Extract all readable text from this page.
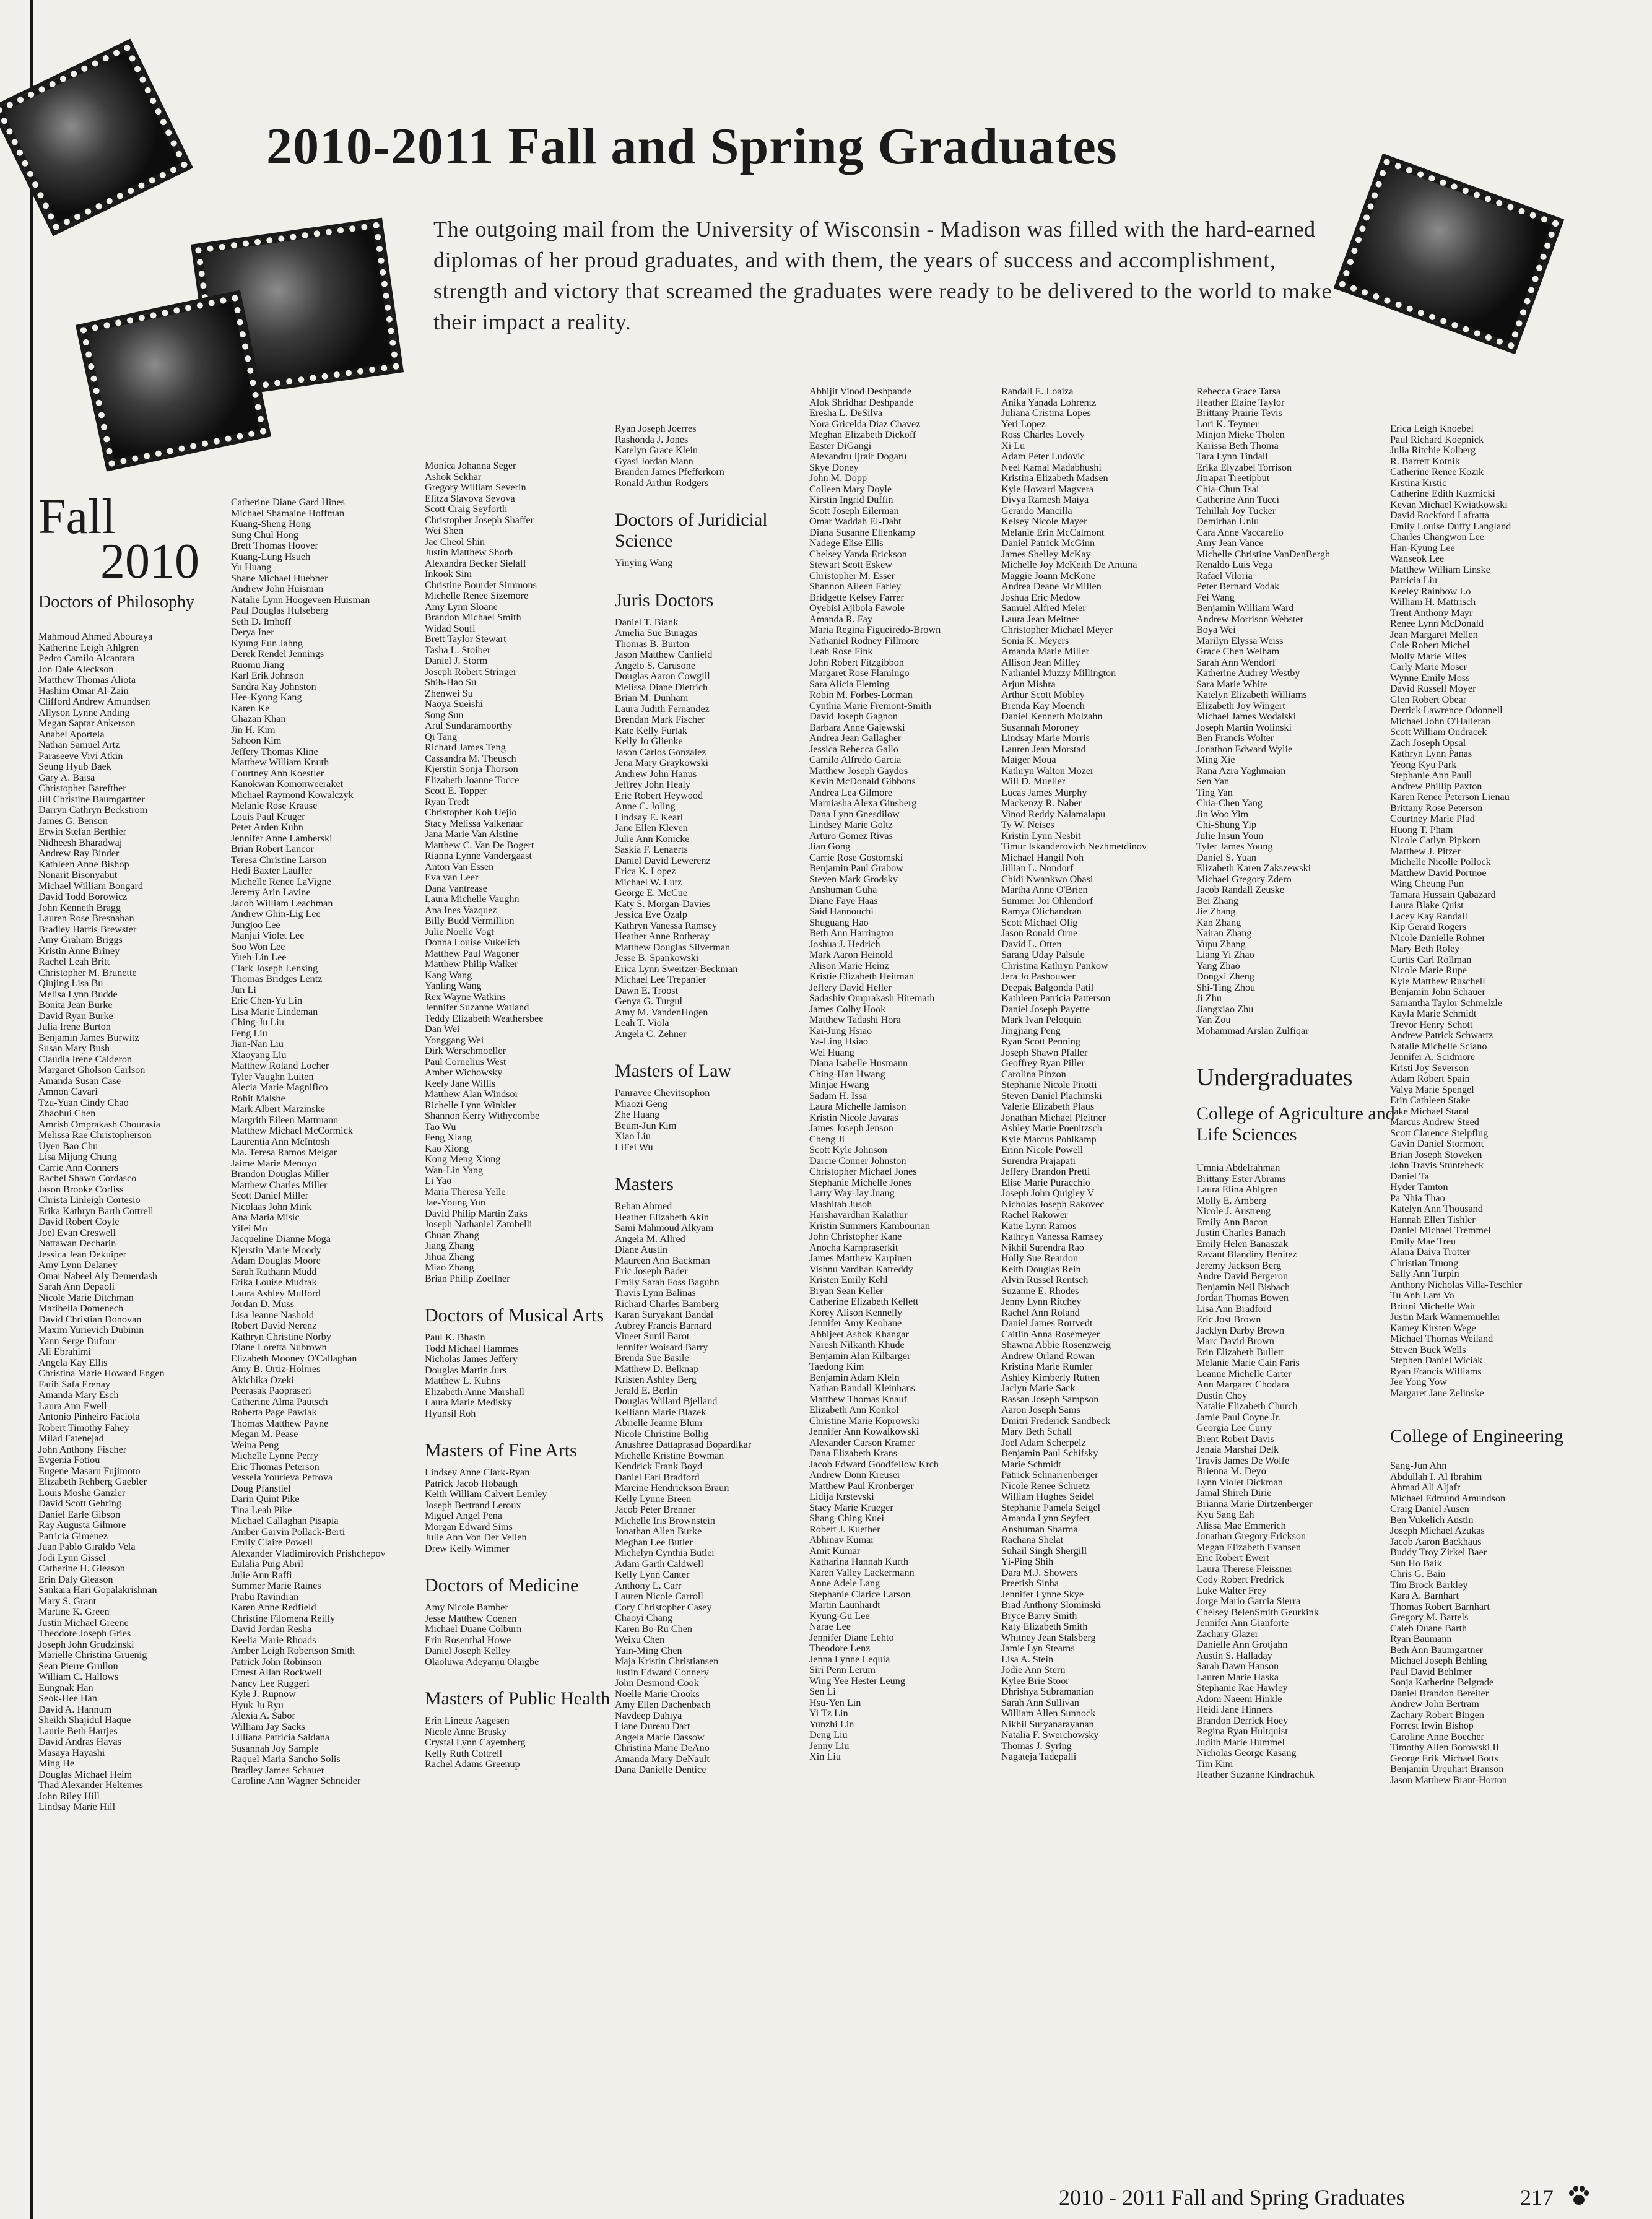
2010-2011 Fall and Spring Graduates
The outgoing mail from the University of Wisconsin - Madison was filled with the hard-earned diplomas of her proud graduates, and with them, the years of success and accomplishment, strength and victory that screamed the graduates were ready to be delivered to the world to make their impact a reality.
Fall
2010
Doctors of Philosophy
Mahmoud Ahmed Abouraya
Katherine Leigh Ahlgren
Pedro Camilo Alcantara
Jon Dale Aleckson
Matthew Thomas Aliota
Hashim Omar Al-Zain
Clifford Andrew Amundsen
Allyson Lynne Anding
Megan Saptar Ankerson
Anabel Aportela
Nathan Samuel Artz
Paraseeve Vivi Atkin
Seung Hyub Baek
Gary A. Baisa
Christopher Barefther
Jill Christine Baumgartner
Darryn Cathryn Beckstrom
James G. Benson
Erwin Stefan Berthier
Nidheesh Bharadwaj
Andrew Ray Binder
Kathleen Anne Bishop
Nonarit Bisonyabut
Michael William Bongard
David Todd Borowicz
John Kenneth Bragg
Lauren Rose Bresnahan
Bradley Harris Brewster
Amy Graham Briggs
Kristin Anne Briney
Rachel Leah Britt
Christopher M. Brunette
Qiujing Lisa Bu
Melisa Lynn Budde
Bonita Jean Burke
David Ryan Burke
Julia Irene Burton
Benjamin James Burwitz
Susan Mary Bush
Claudia Irene Calderon
Margaret Gholson Carlson
Amanda Susan Case
Amnon Cavari
Tzu-Yuan Cindy Chao
Zhaohui Chen
Amrish Omprakash Chourasia
Melissa Rae Christopherson
Uyen Bao Chu
Lisa Mijung Chung
Carrie Ann Conners
Rachel Shawn Cordasco
Jason Brooke Corliss
Christa Linleigh Cortesio
Erika Kathryn Barth Cottrell
David Robert Coyle
Joel Evan Creswell
Nattawan Decharin
Jessica Jean Dekuiper
Amy Lynn Delaney
Omar Nabeel Aly Demerdash
Sarah Ann Depaoli
Nicole Marie Ditchman
Maribella Domenech
David Christian Donovan
Maxim Yurievich Dubinin
Yann Serge Dufour
Ali Ebrahimi
Angela Kay Ellis
Christina Marie Howard Engen
Fatih Safa Erenay
Amanda Mary Esch
Laura Ann Ewell
Antonio Pinheiro Faciola
Robert Timothy Fahey
Milad Fatenejad
John Anthony Fischer
Evgenia Fotiou
Eugene Masaru Fujimoto
Elizabeth Rehberg Gaebler
Louis Moshe Ganzler
David Scott Gehring
Daniel Earle Gibson
Ray Augusta Gilmore
Patricia Gimenez
Juan Pablo Giraldo Vela
Jodi Lynn Gissel
Catherine H. Gleason
Erin Daly Gleason
Sankara Hari Gopalakrishnan
Mary S. Grant
Martine K. Green
Justin Michael Greene
Theodore Joseph Gries
Joseph John Grudzinski
Marielle Christina Gruenig
Sean Pierre Grullon
William C. Hallows
Eungnak Han
Seok-Hee Han
David A. Hannum
Sheikh Shajidul Haque
Laurie Beth Hartjes
David Andras Havas
Masaya Hayashi
Ming He
Douglas Michael Heim
Thad Alexander Heltemes
John Riley Hill
Lindsay Marie Hill
Catherine Diane Gard Hines
Michael Shamaine Hoffman
Kuang-Sheng Hong
Sung Chul Hong
Brett Thomas Hoover
Kuang-Lung Hsueh
Yu Huang
Shane Michael Huebner
Andrew John Huisman
Natalie Lynn Hoogeveen Huisman
Paul Douglas Hulseberg
Seth D. Imhoff
Derya Iner
Kyung Eun Jahng
Derek Rendel Jennings
Ruomu Jiang
Karl Erik Johnson
Sandra Kay Johnston
Hee-Kyong Kang
Karen Ke
Ghazan Khan
Jin H. Kim
Sahoon Kim
Jeffery Thomas Kline
Matthew William Knuth
Courtney Ann Koestler
Kanokwan Komonweeraket
Michael Raymond Kowalczyk
Melanie Rose Krause
Louis Paul Kruger
Peter Arden Kuhn
Jennifer Anne Lamberski
Brian Robert Lancor
Teresa Christine Larson
Hedi Baxter Lauffer
Michelle Renee LaVigne
Jeremy Arin Lavine
Jacob William Leachman
Andrew Ghin-Lig Lee
Jungjoo Lee
Manjui Violet Lee
Soo Won Lee
Yueh-Lin Lee
Clark Joseph Lensing
Thomas Bridges Lentz
Jun Li
Eric Chen-Yu Lin
Lisa Marie Lindeman
Ching-Ju Liu
Feng Liu
Jian-Nan Liu
Xiaoyang Liu
Matthew Roland Locher
Tyler Vaughn Luiten
Alecia Marie Magnifico
Rohit Malshe
Mark Albert Marzinske
Margrith Eileen Mattmann
Matthew Michael McCormick
Laurentia Ann McIntosh
Ma. Teresa Ramos Melgar
Jaime Marie Menoyo
Brandon Douglas Miller
Matthew Charles Miller
Scott Daniel Miller
Nicolaas John Mink
Ana Maria Misic
Yifei Mo
Jacqueline Dianne Moga
Kjerstin Marie Moody
Adam Douglas Moore
Sarah Ruthann Mudd
Erika Louise Mudrak
Laura Ashley Mulford
Jordan D. Muss
Lisa Jeanne Nashold
Robert David Nerenz
Kathryn Christine Norby
Diane Loretta Nubrown
Elizabeth Mooney O'Callaghan
Amy B. Ortiz-Holmes
Akichika Ozeki
Peerasak Paopraserí
Catherine Alma Pautsch
Roberta Page Pawlak
Thomas Matthew Payne
Megan M. Pease
Weina Peng
Michelle Lynne Perry
Eric Thomas Peterson
Vessela Yourieva Petrova
Doug Pfanstiel
Darin Quint Pike
Tina Leah Pike
Michael Callaghan Pisapia
Amber Garvin Pollack-Berti
Emily Claire Powell
Alexander Vladimirovich Prishchepov
Eulalia Puig Abril
Julie Ann Raffi
Summer Marie Raines
Prabu Ravindran
Karen Anne Redfield
Christine Filomena Reilly
David Jordan Resha
Keelia Marie Rhoads
Amber Leigh Robertson Smith
Patrick John Robinson
Ernest Allan Rockwell
Nancy Lee Ruggeri
Kyle J. Rupnow
Hyuk Ju Ryu
Alexia A. Sabor
William Jay Sacks
Lilliana Patricia Saldana
Susannah Joy Sample
Raquel Maria Sancho Solis
Bradley James Schauer
Caroline Ann Wagner Schneider
Monica Johanna Seger
Ashok Sekhar
Gregory William Severin
Elitza Slavova Sevova
Scott Craig Seyforth
Christopher Joseph Shaffer
Wei Shen
Jae Cheol Shin
Justin Matthew Shorb
Alexandra Becker Sielaff
Inkook Sim
Christine Bourdet Simmons
Michelle Renee Sizemore
Amy Lynn Sloane
Brandon Michael Smith
Widad Soufi
Brett Taylor Stewart
Tasha L. Stoiber
Daniel J. Storm
Joseph Robert Stringer
Shih-Hao Su
Zhenwei Su
Naoya Sueishi
Song Sun
Arul Sundaramoorthy
Qi Tang
Richard James Teng
Cassandra M. Theusch
Kjerstin Sonja Thorson
Elizabeth Joanne Tocce
Scott E. Topper
Ryan Tredt
Christopher Koh Uejio
Stacy Melissa Valkenaar
Jana Marie Van Alstine
Matthew C. Van De Bogert
Rianna Lynne Vandergaast
Anton Van Essen
Eva van Leer
Dana Vantrease
Laura Michelle Vaughn
Ana Ines Vazquez
Billy Budd Vermillion
Julie Noelle Vogt
Donna Louise Vukelich
Matthew Paul Wagoner
Matthew Philip Walker
Kang Wang
Yanling Wang
Rex Wayne Watkins
Jennifer Suzanne Watland
Teddy Elizabeth Weathersbee
Dan Wei
Yonggang Wei
Dirk Werschmoeller
Paul Cornelius West
Amber Wichowsky
Keely Jane Willis
Matthew Alan Windsor
Richelle Lynn Winkler
Shannon Kerry Withycombe
Tao Wu
Feng Xiang
Kao Xiong
Kong Meng Xiong
Wan-Lin Yang
Li Yao
Maria Theresa Yelle
Jae-Young Yun
David Philip Martin Zaks
Joseph Nathaniel Zambelli
Chuan Zhang
Jiang Zhang
Jihua Zhang
Miao Zhang
Brian Philip Zoellner
Doctors of Musical Arts
Paul K. Bhasin
Todd Michael Hammes
Nicholas James Jeffery
Douglas Martin Jurs
Matthew L. Kuhns
Elizabeth Anne Marshall
Laura Marie Medisky
Hyunsil Roh
Masters of Fine Arts
Lindsey Anne Clark-Ryan
Patrick Jacob Hobaugh
Keith William Calvert Lemley
Joseph Bertrand Leroux
Miguel Angel Pena
Morgan Edward Sims
Julie Ann Von Der Vellen
Drew Kelly Wimmer
Doctors of Medicine
Amy Nicole Bamber
Jesse Matthew Coenen
Michael Duane Colburn
Erin Rosenthal Howe
Daniel Joseph Kelley
Olaoluwa Adeyanju Olaigbe
Masters of Public Health
Erin Linette Aagesen
Nicole Anne Brusky
Crystal Lynn Cayemberg
Kelly Ruth Cottrell
Rachel Adams Greenup
Ryan Joseph Joerres
Rashonda J. Jones
Katelyn Grace Klein
Gyasi Jordan Mann
Branden James Pfefferkorn
Ronald Arthur Rodgers
Doctors of Juridicial Science
Yinying Wang
Juris Doctors
Daniel T. Biank
Amelia Sue Buragas
Thomas B. Burton
Jason Matthew Canfield
Angelo S. Carusone
Douglas Aaron Cowgill
Melissa Diane Dietrich
Brian M. Dunham
Laura Judith Fernandez
Brendan Mark Fischer
Kate Kelly Furtak
Kelly Jo Glienke
Jason Carlos Gonzalez
Jena Mary Graykowski
Andrew John Hanus
Jeffrey John Healy
Eric Robert Heywood
Anne C. Joling
Lindsay E. Kearl
Jane Ellen Kleven
Julie Ann Konicke
Saskia F. Lenaerts
Daniel David Lewerenz
Erica K. Lopez
Michael W. Lutz
George E. McCue
Katy S. Morgan-Davies
Jessica Eve Ozalp
Kathryn Vanessa Ramsey
Heather Anne Rotheray
Matthew Douglas Silverman
Jesse B. Spankowski
Erica Lynn Sweitzer-Beckman
Michael Lee Trepanier
Dawn E. Troost
Genya G. Turgul
Amy M. VandenHogen
Leah T. Viola
Angela C. Zehner
Masters of Law
Panravee Chevitsophon
Miaozi Geng
Zhe Huang
Beum-Jun Kim
Xiao Liu
LiFei Wu
Masters
Rehan Ahmed
Heather Elizabeth Akin
Sami Mahmoud Alkyam
Angela M. Allred
Diane Austin
Maureen Ann Backman
Eric Joseph Bader
Emily Sarah Foss Baguhn
Travis Lynn Balinas
Richard Charles Bamberg
Karan Suryakant Bandal
Aubrey Francis Barnard
Vineet Sunil Barot
Jennifer Woisard Barry
Brenda Sue Basile
Matthew D. Belknap
Kristen Ashley Berg
Jerald E. Berlin
Douglas Willard Bjelland
Kelliann Marie Blazek
Abrielle Jeanne Blum
Nicole Christine Bollig
Anushree Dattaprasad Bopardikar
Michelle Kristine Bowman
Kendrick Frank Boyd
Daniel Earl Bradford
Marcine Hendrickson Braun
Kelly Lynne Breen
Jacob Peter Brenner
Michelle Iris Brownstein
Jonathan Allen Burke
Meghan Lee Butler
Michelyn Cynthia Butler
Adam Garth Caldwell
Kelly Lynn Canter
Anthony L. Carr
Lauren Nicole Carroll
Cory Christopher Casey
Chaoyi Chang
Karen Bo-Ru Chen
Weixu Chen
Yain-Ming Chen
Maja Kristin Christiansen
Justin Edward Connery
John Desmond Cook
Noelle Marie Crooks
Amy Ellen Dachenbach
Navdeep Dahiya
Liane Dureau Dart
Angela Marie Dassow
Christina Marie DeAno
Amanda Mary DeNault
Dana Danielle Dentice
Abhijit Vinod Deshpande
Alok Shridhar Deshpande
Eresha L. DeSilva
Nora Gricelda Diaz Chavez
Meghan Elizabeth Dickoff
Easter DiGangi
Alexandru Ijrair Dogaru
Skye Doney
John M. Dopp
Colleen Mary Doyle
Kirstin Ingrid Duffin
Scott Joseph Eilerman
Omar Waddah El-Dabt
Diana Susanne Ellenkamp
Nadege Elise Ellis
Chelsey Yanda Erickson
Stewart Scott Eskew
Christopher M. Esser
Shannon Aileen Farley
Bridgette Kelsey Farrer
Oyebisi Ajibola Fawole
Amanda R. Fay
Maria Regina Figueiredo-Brown
Nathaniel Rodney Fillmore
Leah Rose Fink
John Robert Fitzgibbon
Margaret Rose Flamingo
Sara Alicia Fleming
Robin M. Forbes-Lorman
Cynthia Marie Fremont-Smith
David Joseph Gagnon
Barbara Anne Gajewski
Andrea Jean Gallagher
Jessica Rebecca Gallo
Camilo Alfredo Garcia
Matthew Joseph Gaydos
Kevin McDonald Gibbons
Andrea Lea Gilmore
Marniasha Alexa Ginsberg
Dana Lynn Gnesdilow
Lindsey Marie Goltz
Arturo Gomez Rivas
Jian Gong
Carrie Rose Gostomski
Benjamin Paul Grabow
Steven Mark Grodsky
Anshuman Guha
Diane Faye Haas
Said Hannouchi
Shuguang Hao
Beth Ann Harrington
Joshua J. Hedrich
Mark Aaron Heinold
Alison Marie Heinz
Kristie Elizabeth Heitman
Jeffery David Heller
Sadashiv Omprakash Hiremath
James Colby Hook
Matthew Tadashi Hora
Kai-Jung Hsiao
Ya-Ling Hsiao
Wei Huang
Diana Isabelle Husmann
Ching-Han Hwang
Minjae Hwang
Sadam H. Issa
Laura Michelle Jamison
Kristin Nicole Javaras
James Joseph Jenson
Cheng Ji
Scott Kyle Johnson
Darcie Conner Johnston
Christopher Michael Jones
Stephanie Michelle Jones
Larry Way-Jay Juang
Mashitah Jusoh
Harshavardhan Kalathur
Kristin Summers Kambourian
John Christopher Kane
Anocha Karnpraserkit
James Matthew Karpinen
Vishnu Vardhan Katreddy
Kristen Emily Kehl
Bryan Sean Keller
Catherine Elizabeth Kellett
Korey Alison Kennelly
Jennifer Amy Keohane
Abhijeet Ashok Khangar
Naresh Nilkanth Khude
Benjamin Alan Kilbarger
Taedong Kim
Benjamin Adam Klein
Nathan Randall Kleinhans
Matthew Thomas Knauf
Elizabeth Ann Konkol
Christine Marie Koprowski
Jennifer Ann Kowalkowski
Alexander Carson Kramer
Dana Elizabeth Krans
Jacob Edward Goodfellow Krch
Andrew Donn Kreuser
Matthew Paul Kronberger
Lidija Krstevski
Stacy Marie Krueger
Shang-Ching Kuei
Robert J. Kuether
Abhinav Kumar
Amit Kumar
Katharina Hannah Kurth
Karen Valley Lackermann
Anne Adele Lang
Stephanie Clarice Larson
Martin Launhardt
Kyung-Gu Lee
Narae Lee
Jennifer Diane Lehto
Theodore Lenz
Jenna Lynne Lequia
Siri Penn Lerum
Wing Yee Hester Leung
Sen Li
Hsu-Yen Lin
Yi Tz Lin
Yunzhi Lin
Deng Liu
Jenny Liu
Xin Liu
Randall E. Loaiza
Anika Yanada Lohrentz
Juliana Cristina Lopes
Yeri Lopez
Ross Charles Lovely
Xi Lu
Adam Peter Ludovic
Neel Kamal Madabhushi
Kristina Elizabeth Madsen
Kyle Howard Magvera
Divya Ramesh Maiya
Gerardo Mancilla
Kelsey Nicole Mayer
Melanie Erin McCalmont
Daniel Patrick McGinn
James Shelley McKay
Michelle Joy McKeith De Antuna
Maggie Joann McKone
Andrea Deane McMillen
Joshua Eric Medow
Samuel Alfred Meier
Laura Jean Meitner
Christopher Michael Meyer
Sonia K. Meyers
Amanda Marie Miller
Allison Jean Milley
Nathaniel Muzzy Millington
Arjun Mishra
Arthur Scott Mobley
Brenda Kay Moench
Daniel Kenneth Molzahn
Susannah Moroney
Lindsay Marie Morris
Lauren Jean Morstad
Maiger Moua
Kathryn Walton Mozer
Will D. Mueller
Lucas James Murphy
Mackenzy R. Naber
Vinod Reddy Nalamalapu
Ty W. Neises
Kristin Lynn Nesbit
Timur Iskanderovich Nezhmetdinov
Michael Hangil Noh
Jillian L. Nondorf
Chidi Nwankwo Obasi
Martha Anne O'Brien
Summer Joi Ohlendorf
Ramya Olichandran
Scott Michael Olig
Jason Ronald Orne
David L. Otten
Sarang Uday Palsule
Christina Kathryn Pankow
Jera Jo Pashouwer
Deepak Balgonda Patil
Kathleen Patricia Patterson
Daniel Joseph Payette
Mark Ivan Peloquin
Jingjiang Peng
Ryan Scott Penning
Joseph Shawn Pfaller
Geoffrey Ryan Piller
Carolina Pinzon
Stephanie Nicole Pitotti
Steven Daniel Plachinski
Valerie Elizabeth Plaus
Jonathan Michael Pleitner
Ashley Marie Poenitzsch
Kyle Marcus Pohlkamp
Erinn Nicole Powell
Surendra Prajapati
Jeffery Brandon Pretti
Elise Marie Puracchio
Joseph John Quigley V
Nicholas Joseph Rakovec
Rachel Rakower
Katie Lynn Ramos
Kathryn Vanessa Ramsey
Nikhil Surendra Rao
Holly Sue Reardon
Keith Douglas Rein
Alvin Russel Rentsch
Suzanne E. Rhodes
Jenny Lynn Ritchey
Rachel Ann Roland
Daniel James Rortvedt
Caitlin Anna Rosemeyer
Shawna Abbie Rosenzweig
Andrew Orland Rowan
Kristina Marie Rumler
Ashley Kimberly Rutten
Jaclyn Marie Sack
Rassan Joseph Sampson
Aaron Joseph Sams
Dmitri Frederick Sandbeck
Mary Beth Schall
Joel Adam Scherpelz
Benjamin Paul Schifsky
Marie Schmidt
Patrick Schnarrenberger
Nicole Renee Schuetz
William Hughes Seidel
Stephanie Pamela Seigel
Amanda Lynn Seyfert
Anshuman Sharma
Rachana Shelat
Suhail Singh Shergill
Yi-Ping Shih
Dara M.J. Showers
Preetish Sinha
Jennifer Lynne Skye
Brad Anthony Slominski
Bryce Barry Smith
Katy Elizabeth Smith
Whitney Jean Stalsberg
Jamie Lyn Stearns
Lisa A. Stein
Jodie Ann Stern
Kylee Brie Stoor
Dhrishya Subramanian
Sarah Ann Sullivan
William Allen Sunnock
Nikhil Suryanarayanan
Natalia F. Swerchowsky
Thomas J. Syring
Nagateja Tadepalli
Rebecca Grace Tarsa
Heather Elaine Taylor
Brittany Prairie Tevis
Lori K. Teymer
Minjon Mieke Tholen
Karissa Beth Thoma
Tara Lynn Tindall
Erika Elyzabel Torrison
Jitrapat Treetipbut
Chia-Chun Tsai
Catherine Ann Tucci
Tehillah Joy Tucker
Demirhan Unlu
Cara Anne Vaccarello
Amy Jean Vance
Michelle Christine VanDenBergh
Renaldo Luis Vega
Rafael Viloria
Peter Bernard Vodak
Fei Wang
Benjamin William Ward
Andrew Morrison Webster
Boya Wei
Marilyn Elyssa Weiss
Grace Chen Welham
Sarah Ann Wendorf
Katherine Audrey Westby
Sara Marie White
Katelyn Elizabeth Williams
Elizabeth Joy Wingert
Michael James Wodalski
Joseph Martin Wolinski
Ben Francis Wolter
Jonathon Edward Wylie
Ming Xie
Rana Azra Yaghmaian
Sen Yan
Ting Yan
Chia-Chen Yang
Jin Woo Yim
Chi-Shung Yip
Julie Insun Youn
Tyler James Young
Daniel S. Yuan
Elizabeth Karen Zakszewski
Michael Gregory Zdero
Jacob Randall Zeuske
Bei Zhang
Jie Zhang
Kan Zhang
Nairan Zhang
Yupu Zhang
Liang Yi Zhao
Yang Zhao
Dongxi Zheng
Shi-Ting Zhou
Ji Zhu
Jiangxiao Zhu
Yan Zou
Mohammad Arslan Zulfiqar
Undergraduates
College of Agriculture and Life Sciences
Umnia Abdelrahman
Brittany Ester Abrams
Laura Elina Ahlgren
Molly E. Amberg
Nicole J. Austreng
Emily Ann Bacon
Justin Charles Banach
Emily Helen Banaszak
Ravaut Blandiny Benitez
Jeremy Jackson Berg
Andre David Bergeron
Benjamin Neil Bisbach
Jordan Thomas Bowen
Lisa Ann Bradford
Eric Jost Brown
Jacklyn Darby Brown
Marc David Brown
Erin Elizabeth Bullett
Melanie Marie Cain Faris
Leanne Michelle Carter
Ann Margaret Chodara
Dustin Choy
Natalie Elizabeth Church
Jamie Paul Coyne Jr.
Georgia Lee Curry
Brent Robert Davis
Jenaia Marshai Delk
Travis James De Wolfe
Brienna M. Deyo
Lynn Violet Dickman
Jamal Shireh Dirie
Brianna Marie Dirtzenberger
Kyu Sang Eah
Alissa Mae Emmerich
Jonathan Gregory Erickson
Megan Elizabeth Evansen
Eric Robert Ewert
Laura Therese Fleissner
Cody Robert Fredrick
Luke Walter Frey
Jorge Mario Garcia Sierra
Chelsey BelenSmith Geurkink
Jennifer Ann Gianforte
Zachary Glazer
Danielle Ann Grotjahn
Austin S. Halladay
Sarah Dawn Hanson
Lauren Marie Haska
Stephanie Rae Hawley
Adom Naeem Hinkle
Heidi Jane Hinners
Brandon Derrick Hoey
Regina Ryan Hultquist
Judith Marie Hummel
Nicholas George Kasang
Tim Kim
Heather Suzanne Kindrachuk
Erica Leigh Knoebel
Paul Richard Koepnick
Julia Ritchie Kolberg
R. Barrett Kotnik
Catherine Renee Kozik
Krstina Krstic
Catherine Edith Kuzmicki
Kevan Michael Kwiatkowski
David Rockford Lafratta
Emily Louise Duffy Langland
Charles Changwon Lee
Han-Kyung Lee
Wanseok Lee
Matthew William Linske
Patricia Liu
Keeley Rainbow Lo
William H. Mattrisch
Trent Anthony Mayr
Renee Lynn McDonald
Jean Margaret Mellen
Cole Robert Michel
Molly Marie Miles
Carly Marie Moser
Wynne Emily Moss
David Russell Moyer
Glen Robert Obear
Derrick Lawrence Odonnell
Michael John O'Halleran
Scott William Ondracek
Zach Joseph Opsal
Kathryn Lynn Panas
Yeong Kyu Park
Stephanie Ann Paull
Andrew Phillip Paxton
Karen Renee Peterson Lienau
Brittany Rose Peterson
Courtney Marie Pfad
Huong T. Pham
Nicole Catlyn Pipkorn
Matthew J. Pitzer
Michelle Nicolle Pollock
Matthew David Portnoe
Wing Cheung Pun
Tamara Hussain Qabazard
Laura Blake Quist
Lacey Kay Randall
Kip Gerard Rogers
Nicole Danielle Rohner
Mary Beth Roley
Curtis Carl Rollman
Nicole Marie Rupe
Kyle Matthew Ruschell
Benjamin John Schauer
Samantha Taylor Schmelzle
Kayla Marie Schmidt
Trevor Henry Schott
Andrew Patrick Schwartz
Natalie Michelle Sciano
Jennifer A. Scidmore
Kristi Joy Severson
Adam Robert Spain
Valya Marie Spengel
Erin Cathleen Stake
Jake Michael Staral
Marcus Andrew Steed
Scott Clarence Stelpflug
Gavin Daniel Stormont
Brian Joseph Stoveken
John Travis Stuntebeck
Daniel Ta
Hyder Tamton
Pa Nhia Thao
Katelyn Ann Thousand
Hannah Ellen Tishler
Daniel Michael Tremmel
Emily Mae Treu
Alana Daiva Trotter
Christian Truong
Sally Ann Turpin
Anthony Nicholas Villa-Teschler
Tu Anh Lam Vo
Brittni Michelle Wait
Justin Mark Wannemuehler
Kamey Kirsten Wege
Michael Thomas Weiland
Steven Buck Wells
Stephen Daniel Wiciak
Ryan Francis Williams
Jee Yong Yow
Margaret Jane Zelinske
College of Engineering
Sang-Jun Ahn
Abdullah I. Al Ibrahim
Ahmad Ali Aljafr
Michael Edmund Amundson
Craig Daniel Ausen
Ben Vukelich Austin
Joseph Michael Azukas
Jacob Aaron Backhaus
Buddy Troy Zirkel Baer
Sun Ho Baik
Chris G. Bain
Tim Brock Barkley
Kara A. Barnhart
Thomas Robert Barnhart
Gregory M. Bartels
Caleb Duane Barth
Ryan Baumann
Beth Ann Baumgartner
Michael Joseph Behling
Paul David Behlmer
Sonja Katherine Belgrade
Daniel Brandon Bereiter
Andrew John Bertram
Zachary Robert Bingen
Forrest Irwin Bishop
Caroline Anne Boecher
Timothy Allen Borowski II
George Erik Michael Botts
Benjamin Urquhart Branson
Jason Matthew Brant-Horton
2010 - 2011 Fall and Spring Graduates	217
